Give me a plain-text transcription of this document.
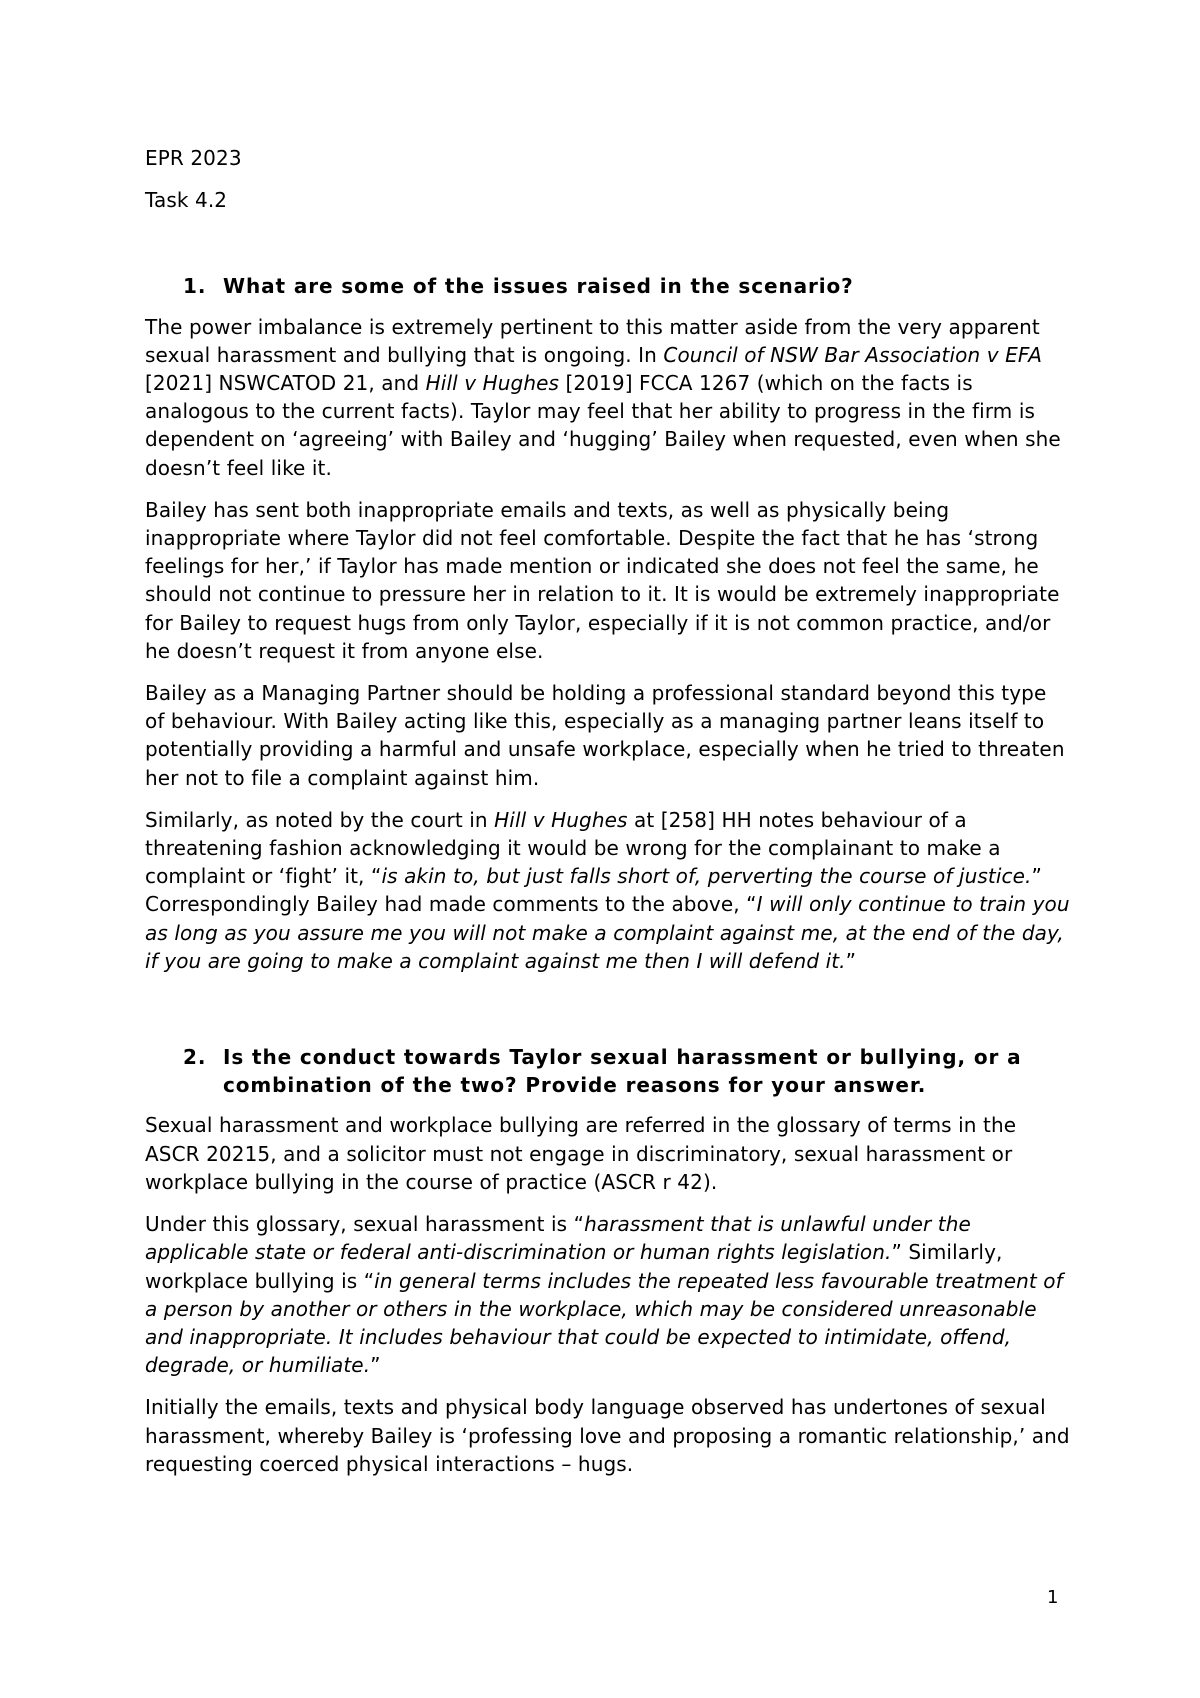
EPR 2023
Task 4.2
1. What are some of the issues raised in the scenario?

The power imbalance is extremely pertinent to this matter aside from the very apparent sexual harassment and bullying that is ongoing. In Council of NSW Bar Association v EFA [2021] NSWCATOD 21, and Hill v Hughes [2019] FCCA 1267 (which on the facts is analogous to the current facts). Taylor may feel that her ability to progress in the firm is dependent on ‘agreeing’ with Bailey and ‘hugging’ Bailey when requested, even when she doesn’t feel like it.

Bailey has sent both inappropriate emails and texts, as well as physically being inappropriate where Taylor did not feel comfortable. Despite the fact that he has ‘strong feelings for her,’ if Taylor has made mention or indicated she does not feel the same, he should not continue to pressure her in relation to it. It is would be extremely inappropriate for Bailey to request hugs from only Taylor, especially if it is not common practice, and/or he doesn’t request it from anyone else.

Bailey as a Managing Partner should be holding a professional standard beyond this type of behaviour. With Bailey acting like this, especially as a managing partner leans itself to potentially providing a harmful and unsafe workplace, especially when he tried to threaten her not to file a complaint against him.

Similarly, as noted by the court in Hill v Hughes at [258] HH notes behaviour of a threatening fashion acknowledging it would be wrong for the complainant to make a complaint or ‘fight’ it, “is akin to, but just falls short of, perverting the course of justice.” Correspondingly Bailey had made comments to the above, “I will only continue to train you as long as you assure me you will not make a complaint against me, at the end of the day, if you are going to make a complaint against me then I will defend it.”

2. Is the conduct towards Taylor sexual harassment or bullying, or a combination of the two? Provide reasons for your answer.

Sexual harassment and workplace bullying are referred in the glossary of terms in the ASCR 20215, and a solicitor must not engage in discriminatory, sexual harassment or workplace bullying in the course of practice (ASCR r 42).

Under this glossary, sexual harassment is “harassment that is unlawful under the applicable state or federal anti-discrimination or human rights legislation.” Similarly, workplace bullying is “in general terms includes the repeated less favourable treatment of a person by another or others in the workplace, which may be considered unreasonable and inappropriate. It includes behaviour that could be expected to intimidate, offend, degrade, or humiliate.”

Initially the emails, texts and physical body language observed has undertones of sexual harassment, whereby Bailey is ‘professing love and proposing a romantic relationship,’ and requesting coerced physical interactions – hugs.

1
